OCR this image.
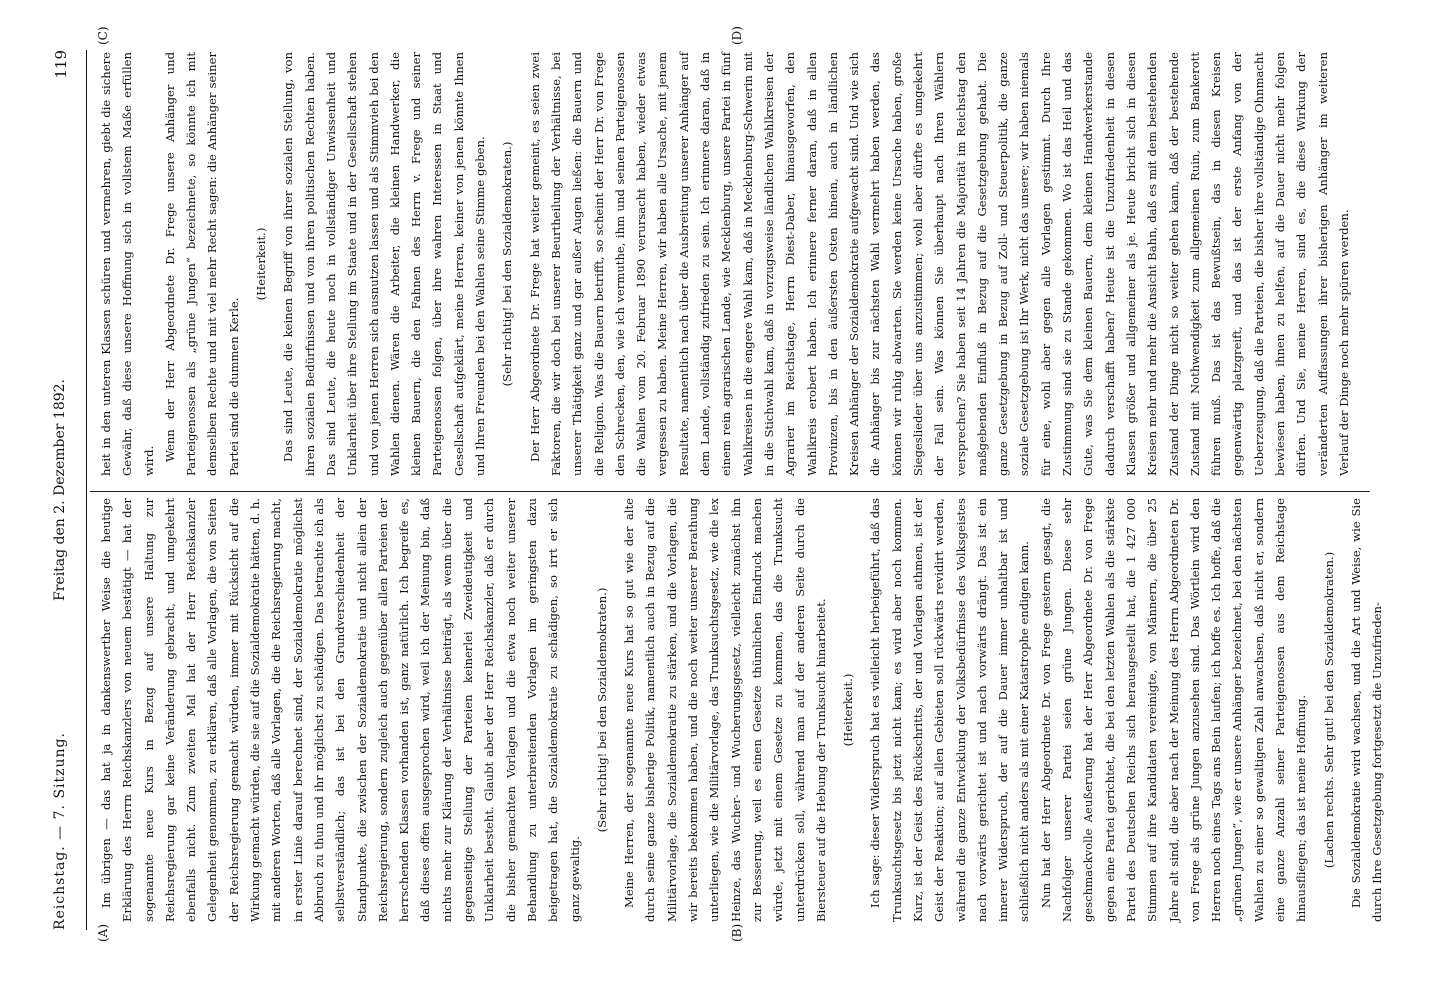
Reichstag. — 7. Sitzung.
Freitag den 2. Dezember 1892.
119
(A)	(B)
(C)	(D)

Im übrigen — das hat ja in dankenswerther Weise die heutige Erklärung des Herrn Reichskanzlers von neuem bestätigt — hat der sogenannte neue Kurs in Bezug auf unsere Haltung zur Reichsregierung gar keine Veränderung gebracht, und umgekehrt ebenfalls nicht. Zum zweiten Mal hat der Herr Reichskanzler Gelegenheit genommen, zu erklären, daß alle Vorlagen, die von Seiten der Reichsregierung gemacht würden, immer mit Rücksicht auf die Wirkung gemacht würden, die sie auf die Sozialdemokratie hätten, d. h. mit anderen Worten, daß alle Vorlagen, die die Reichsregierung macht, in erster Linie darauf berechnet sind, der Sozialdemokratie möglichst Abbruch zu thun und ihr möglichst zu schädigen. Das betrachte ich als selbstverständlich; das ist bei den Grundverschiedenheit der Standpunkte, die zwischen der Sozialdemokratie und nicht allein der Reichsregierung, sondern zugleich auch gegenüber allen Parteien der herrschenden Klassen vorhanden ist, ganz natürlich. Ich begreife es, daß dieses offen ausgesprochen wird, weil ich der Meinung bin, daß nichts mehr zur Klärung der Verhältnisse beiträgt, als wenn über die gegenseitige Stellung der Parteien keinerlei Zweideutigkeit und Unklarheit besteht. Glaubt aber der Herr Reichskanzler, daß er durch die bisher gemachten Vorlagen und die etwa noch weiter unserer Behandlung zu unterbreitenden Vorlagen im geringsten dazu beigetragen hat, die Sozialdemokratie zu schädigen, so irrt er sich ganz gewaltig.

(Sehr richtig! bei den Sozialdemokraten.)	Meine Herren, der sogenannte neue Kurs hat so gut wie der alte durch seine ganze bisherige Politik, namentlich auch in Bezug auf die Militärvorlage, die Sozialdemokratie zu stärken, und die Vorlagen, die wir bereits bekommen haben, und die noch weiter unserer Berathung unterliegen, wie die Militärvorlage, das Trunksuchtsgesetz, wie die lex Heinze, das Wucher- und Wucherungsgesetz, vielleicht zunächst ihn zur Besserung, weil es einen Gesetze thümlichen Eindruck machen würde, jetzt mit einem Gesetze zu kommen, das die Trunksucht unterdrücken soll, während man auf der anderen Seite durch die Biersteuer auf die Hebung der Trunksucht hinarbeitet.	(Heiterkeit.)	Ich sage: dieser Widerspruch hat es vielleicht herbeigeführt, daß das Trunksuchtsgesetz bis jetzt nicht kam; es wird aber noch kommen. Kurz, ist der Geist des Rückschritts, der und Vorlagen athmen, ist der Geist der Reaktion; auf allen Gebieten soll rückwärts revidirt werden, während die ganze Entwicklung der Volksbedürfnisse des Volksgeistes nach vorwärts gerichtet ist und nach vorwärts drängt. Das ist ein innerer Widerspruch, der auf die Dauer immer unhaltbar ist und schließlich nicht anders als mit einer Katastrophe endigen kann. Nun hat der Herr Abgeordnete Dr. von Frege gestern gesagt, die Nachfolger unserer Partei seien grüne Jungen. Diese sehr geschmackvolle Aeußerung hat der Herr Abgeordnete Dr. von Frege gegen eine Partei gerichtet, die bei den letzten Wahlen als die stärkste Partei des Deutschen Reichs sich herausgestellt hat, die 1 427 000 Stimmen auf ihre Kandidaten vereinigte, von Männern, die über 25 Jahre alt sind, die aber nach der Meinung des Herrn Abgeordneten Dr. von Frege als grüne Jungen anzusehen sind. Das Wörtlein wird den Herren noch eines Tags ans Bein laufen; ich hoffe es. Ich hoffe, daß die „grünen Jungen“, wie er unsere Anhänger bezeichnet, bei den nächsten Wahlen zu einer so gewaltigen Zahl anwachsen, daß nicht er, sondern eine ganze Anzahl seiner Parteigenossen aus dem Reichstage hinausfliegen; das ist meine Hoffnung.	(Lachen rechts. Sehr gut! bei den Sozialdemokraten.)	Die Sozialdemokratie wird wachsen, und die Art und Weise, wie Sie durch Ihre Gesetzgebung fortgesetzt die Unzufrieden-

heit in den unteren Klassen schüren und vermehren, giebt die sichere Gewähr, daß diese unsere Hoffnung sich in vollstem Maße erfüllen wird. Wenn der Herr Abgeordnete Dr. Frege unsere Anhänger und Parteigenossen als „grüne Jungen“ bezeichnete, so könnte ich mit demselben Rechte und mit viel mehr Recht sagen: die Anhänger seiner Partei sind die dummen Kerle.

(Heiterkeit.)	Das sind Leute, die keinen Begriff von ihrer sozialen Stellung, von ihren sozialen Bedürfnissen und von ihren politischen Rechten haben. Das sind Leute, die heute noch in vollständiger Unwissenheit und Unklarheit über ihre Stellung im Staate und in der Gesellschaft stehen und von jenen Herren sich ausnutzen lassen und als Stimmvieh bei den Wahlen dienen. Wären die Arbeiter, die kleinen Handwerker, die kleinen Bauern, die den Fahnen des Herrn v. Frege und seiner Parteigenossen folgen, über ihre wahren Interessen in Staat und Gesellschaft aufgeklärt, meine Herren, keiner von jenen könnte Ihnen und Ihren Freunden bei den Wahlen seine Stimme geben.	(Sehr richtig! bei den Sozialdemokraten.)	Der Herr Abgeordnete Dr. Frege hat weiter gemeint, es seien zwei Faktoren, die wir doch bei unserer Beurtheilung der Verhältnisse, bei unserer Thätigkeit ganz und gar außer Augen ließen: die Bauern und die Religion. Was die Bauern betrifft, so scheint der Herr Dr. von Frege den Schrecken, den, wie ich vermuthe, ihm und seinen Parteigenossen die Wahlen vom 20. Februar 1890 verursacht haben, wieder etwas vergessen zu haben. Meine Herren, wir haben alle Ursache, mit jenem Resultate, namentlich nach über die Ausbreitung unserer Anhänger auf dem Lande, vollständig zufrieden zu sein. Ich erinnere daran, daß in einem rein agrarischen Lande, wie Mecklenburg, unsere Partei in fünf Wahlkreisen in die engere Wahl kam, daß in Mecklenburg-Schwerin mit in die Stichwahl kam, daß in vorzugsweise ländlichen Wahlkreisen der Agrarier im Reichstage, Herrn Diest-Daber, hinausgeworfen, den Wahlkreis erobert haben. Ich erinnere ferner daran, daß in allen Provinzen, bis in den äußersten Osten hinein, auch in ländlichen Kreisen Anhänger der Sozialdemokratie aufgewacht sind. Und wie sich die Anhänger bis zur nächsten Wahl vermehrt haben werden, das können wir ruhig abwarten. Sie werden keine Ursache haben, große Siegeslieder über uns anzustimmen; wohl aber dürfte es umgekehrt der Fall sein. Was können Sie überhaupt nach Ihren Wählern versprechen? Sie haben seit 14 Jahren die Majorität im Reichstag den maßgebenden Einfluß in Bezug auf die Gesetzgebung gehabt. Die ganze Gesetzgebung in Bezug auf Zoll- und Steuerpolitik, die ganze soziale Gesetzgebung ist Ihr Werk, nicht das unsere; wir haben niemals für eine, wohl aber gegen alle Vorlagen gestimmt. Durch Ihre Zustimmung sind sie zu Stande gekommen. Wo ist das Heil und das Gute, was Sie dem kleinen Bauern, dem kleinen Handwerkerstande dadurch verschafft haben? Heute ist die Unzufriedenheit in diesen Klassen größer und allgemeiner als je. Heute bricht sich in diesen Kreisen mehr und mehr die Ansicht Bahn, daß es mit dem bestehenden Zustand der Dinge nicht so weiter gehen kann, daß der bestehende Zustand mit Nothwendigkeit zum allgemeinen Ruin, zum Bankerott führen muß. Das ist das Bewußtsein, das in diesen Kreisen gegenwärtig platzgreift, und das ist der erste Anfang von der Ueberzeugung, daß die Parteien, die bisher ihre vollständige Ohnmacht bewiesen haben, ihnen zu helfen, auf die Dauer nicht mehr folgen dürfen. Und Sie, meine Herren, sind es, die diese Wirkung der veränderten Auffassungen ihrer bisherigen Anhänger im weiteren Verlauf der Dinge noch mehr spüren werden.
